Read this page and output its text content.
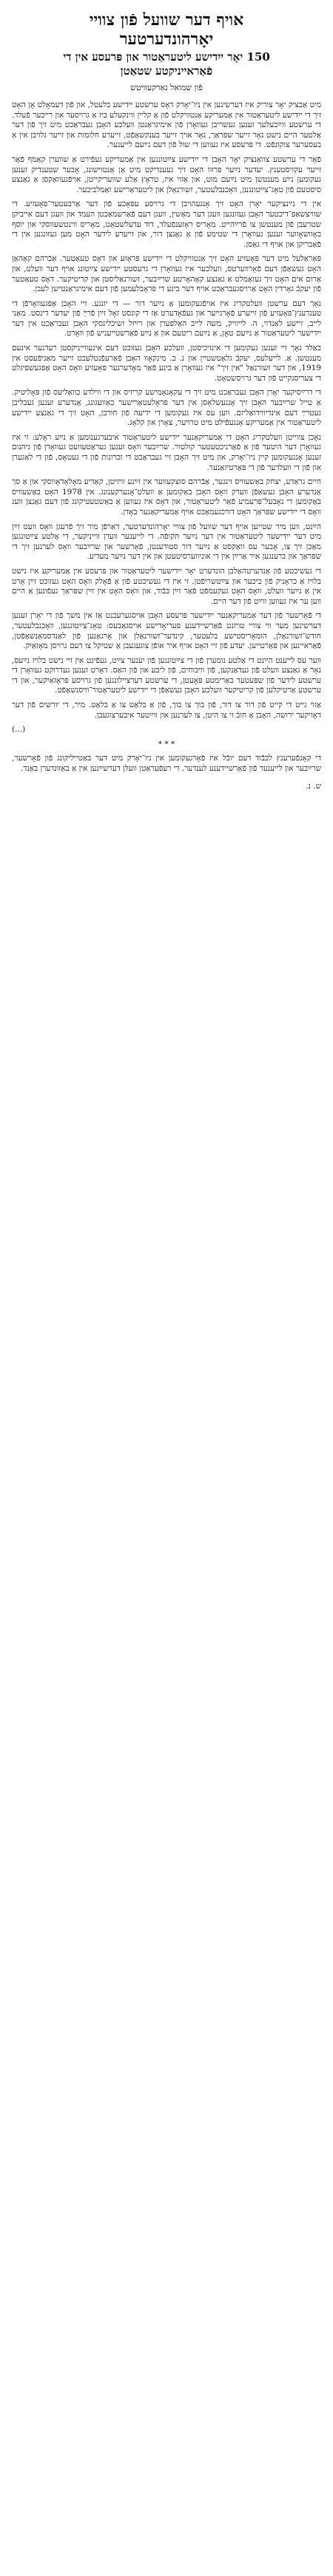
אויף דער שוועל פֿון צוויי
יאָרהונדערטער
150 יאָר ייִדישע ליטעראַטור און פּרעסע אין די
פֿאַראייניקטע שטאַטן
פֿון שמואל נאַרקעוויטש

מיט אַכציק יאָר צוריק איז דערשינען אין ניו־יאָרק דאָס ערשטע ייִדישע בלעטל, און פֿון דעמאָלט אָן האָט זיך די ייִדישע ליטעראַטור אין אַמעריקע אַנטוויקלט פֿון אַ קליין ווינקעלע ביז אַ גרויסער און רייכער פֿעלד. די ערשטע ווײַבעלעך זענען געשריבן געוואָרן פֿון אימיגראַנטן וועלכע האָבן געבראַכט מיט זיך פֿון דער אַלטער היים נישט נאָר זייער שפּראַך, נאָר אויך זייער בענקשאַפֿט, זייערע חלומות און זייער גלויבן אין אַ בעסערער צוקונפֿט. די פּרעסע איז געווען די שול פֿון דעם נײַעם לייענער.

פֿאַר די ערשטע צוואַנציק יאָר האָבן די ייִדישע צײַטונגען אין אַמעריקע געפֿירט אַ שווערן קאַמף פֿאַר זייער עקזיסטענץ. יעדער נײַער פּרוּוו האָט זיך געענדיקט מיט אַן אַנטוישונג, אָבער שטענדיק זענען געקומען נײַע מענטשן מיט נײַעם מוט, און אַזוי איז, טראָץ אַלע שוועריקייטן, אויפֿגעוואַקסן אַ גאַנצע סיסטעם פֿון טאָג־צײַטונגען, וואָכנבלעטער, זשורנאַלן און ליטעראַרישע זאַמלביכער.

אין די נײַנציקער יאָרן האָט זיך אָנגעהויבן די גרויסע עפּאָכע פֿון דער אַרבעטער־פּאָעזיע. די שוויצשאַפּ־דיכטער האָבן געזונגען וועגן דער מאַשין, וועגן דעם פֿאַרשמאַכטן העמד און וועגן דעם אייביקן שטרעבן פֿון מענטשן צו פֿרײַהייט. מאָריס ראָזענפֿעלד, דוד עדעלשטאַט, מאָריס ווינטשעווסקי און יוסף באָוושאָווער זענען געוואָרן די שטימע פֿון אַ גאַנצן דור, און זייערע לידער האָט מען געזונגען אין די פֿאַבריקן און אויף די גאַסן.

פּאַראַלעל מיט דער פּאָעזיע האָט זיך אַנטוויקלט די ייִדישע פּראָזע און דאָס טעאַטער. אַבֿרהם קאַהאַן האָט געשאַפֿן דעם פֿאָרווערטס, וועלכער איז געוואָרן די גרעסטע ייִדישע צײַטונג אויף דער וועלט, און אַרום אים האָט זיך געזאַמלט אַ גאַנצע קאָהאָרטע שרײַבער, זשורנאַליסטן און קריטיקער. דאָס טעאַטער פֿון יעקבֿ גאָרדין האָט אַרויסגעבראַכט אויף דער בינע די פּראָבלעמען פֿון דעם אימיגראַנטישן לעבן.

נאָך דעם ערשטן וועלטקריג איז אויפֿגעקומען אַ נײַער דור — די יונגע. זיי האָבן אָפּגעוואָרפֿן די טענדענץ־פּאָעזיע פֿון זייערע פֿאָרגייער און געפֿאָדערט אַז די קונסט זאָל זײַן פֿרײַ פֿון יעדער דינסט. מאַני לייב, זיישע לאַנדוי, ה. לייוויק, משה לייב האַלפּערן און רײַזל זשיכלינסקי האָבן געבראַכט אין דער ייִדישער ליטעראַטור אַ נײַעם טאָן, אַ נײַעם ריטעם און אַ נײַע פֿאַרשטייעניש פֿון וואָרט.

באַלד נאָך זיי זענען געקומען די אינזיכיסטן, וועלכע האָבן געזוכט דעם אינעווייניקסטן רעדנער אינעם מענטשן. אַ. לייעלעס, יעקבֿ גלאַטשטיין און נ. ב. מינקאָוו האָבן פֿאַרעפֿנטלעכט זייער מאַניפֿעסט אין 1919, און דער זשורנאַל "אין זיך" איז געוואָרן אַ בינע פֿאַר מאָדערנער פּאָעזיע וואָס האָט אָפּגעשפּיגלט די צעריסנקייט פֿון דער גרויסשטאָט.

די דרײַסיקער יאָרן האָבן געבראַכט מיט זיך די עקאָנאָמישע קריזיס און די ווילדע כוואַליעס פֿון פּאָליטיק. אַ טייל שרײַבער האָבן זיך אָנגעשלאָסן אין דער פּראָלעטאַרישער באַוועגונג, אַנדערע זענען געבליבן געטרײַ דעם אינדיווידואַליזם. ווען עס איז געקומען די ידיעה פֿון חורבן, האָט זיך די גאַנצע ייִדישע ליטעראַטור אין אַמעריקע אָנגעפֿילט מיט טרויער, צאָרן און קלאָג.

נאָכן צווייטן וועלטקריג האָט די אַמעריקאַנער ייִדישע ליטעראַטור איבערגענומען אַ נײַע ראָלע: זי איז געוואָרן דער היטער פֿון אַ פֿאַרניכטעטער קולטור. שרײַבער וואָס זענען געראַטעוועט געוואָרן פֿון גיהנום זענען אָנגעקומען קיין ניו־יאָרק, און מיט זיך האָבן זיי געבראַכט די זכרונות פֿון די געטאָס, פֿון די לאַגערן און פֿון די וועלדער פֿון די פּאַרטיזאַנער.

חיים גראַדע, יצחק באַשעוויס זינגער, אַבֿרהם סוצקעווער אין זײַנע וויזיטן, קאַדיע מאָלאָדאָווסקי און אַ סך אַנדערע האָבן געשאַפֿן ווערק וואָס האָבן באַקומען אַ וועלט־אָנערקענונג. אין 1978 האָט באַשעוויס באַקומען די נאָבעל־פּרעמיע פֿאַר ליטעראַטור, און דאָס איז געווען אַ באַשטעטיקונג פֿון דעם גאַנצן וועג וואָס די ייִדישע שפּראַך האָט דורכגעמאַכט אויף אַמעריקאַנער באָדן.

הײַנט, ווען מיר שטייען אויף דער שוועל פֿון צוויי יאָרהונדערטער, דאַרפֿן מיר זיך פֿרעגן וואָס וועט זײַן מיט דער ייִדישער ליטעראַטור אין דער נײַער תּקופֿה. די לייענער ווערן ווייניקער, די אַלטע צײַטונגען מאַכן זיך צו, אָבער עס וואַקסט אַ נײַער דור סטודענטן, פֿאָרשער און שרײַבער וואָס לערנען זיך די שפּראַך און ברענגען איר אַרײַן אין די אוניווערסיטעטן און אין דער נײַער מעדיע.

די געשיכטע פֿון אַנדערטהאַלבן הונדערט יאָר ייִדישער ליטעראַטור און פּרעסע אין אַמעריקע איז נישט בלויז אַ כראָניק פֿון ביכער און צײַטשריפֿטן. זי איז די געשיכטע פֿון אַ פֿאָלק וואָס האָט געזוכט זײַן אָרט אין אַ נײַער וועלט, וואָס האָט געקעמפֿט פֿאַר זײַן כּבֿוד, און וואָס האָט אין זײַן שפּראַך געפֿונען אַ היים ווען ער איז געווען ווײַט פֿון דער היים.

די פֿאָרשער פֿון דער אַמעריקאַנער ייִדישער פּרעסע האָבן אויסגערעכנט אַז אין משך פֿון די יאָרן זענען דערשינען מער ווי צוויי טויזנט פֿאַרשיידענע פּעריאָדישע אויסגאַבעס: טאָג־צײַטונגען, וואָכנבלעטער, חודש־זשורנאַלן, הומאָריסטישע בלעטער, קינדער־זשורנאַלן און אָרגאַנען פֿון לאַנדסמאַנשאַפֿטן, פֿאַראיינען און פּאַרטייען. יעדע פֿון זיי האָט אויף איר אופֿן צוגעגעבן אַ שטיקל צו דעם גרויסן מאָזאַיִק.

ווער עס לייענט הײַנט די אַלטע נומערן פֿון די צײַטונגען פֿון יענער צײַט, געפֿינט אין זיי נישט בלויז נײַעס, נאָר אַ גאַנצע וועלט פֿון געדאַנקען, פֿון וויכּוחים, פֿון ליבע און פֿון האַס. דאָרט זענען געדרוקט געוואָרן די ערשטע לידער פֿון שפּעטער באַרימטע פּאָעטן, די ערשטע דערציילונגען פֿון גרויסע פּראָזאַיִקער, און די ערשטע אַרטיקלען פֿון קריטיקער וועלכע האָבן געשאַפֿן די ייִדישע ליטעראַטור־וויסנשאַפֿט.

אַזוי גייט די קייט פֿון דור צו דור, פֿון בוך צו בוך, פֿון אַ בלאַט צו אַ בלאַט. מיר, די יורשים פֿון דער דאָזיקער ירושה, האָבן אַ חובֿ זי צו היטן, צו לערנען און ווײַטער איבערצוגעבן.

(...)

* * *

די קאָנפֿערענץ לכּבֿוד דעם יובֿל איז פֿאָרגעקומען אין ניו־יאָרק מיט דער באַטייליקונג פֿון פֿאָרשער, שרײַבער און לייענער פֿון פֿאַרשיידענע לענדער. די רעפֿעראַטן וועלן דערשײַנען אין אַ באַזונדערן באַנד.

ש. נ.
